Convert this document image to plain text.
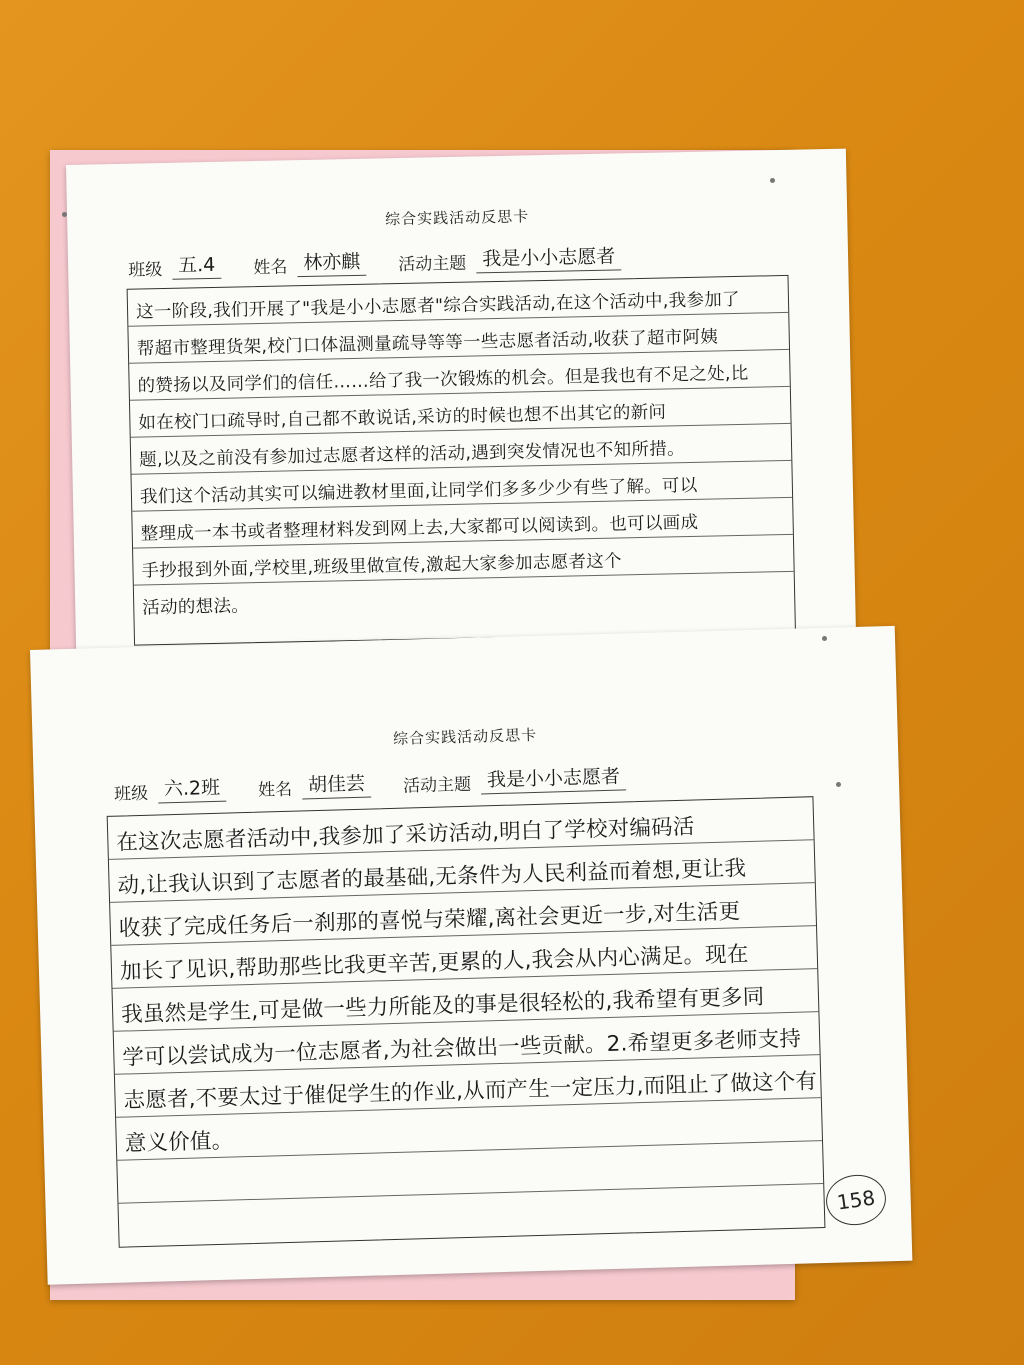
综合实践活动反思卡
班级 五.4	姓名 林亦麒	活动主题 我是小小志愿者
这一阶段,我们开展了"我是小小志愿者"综合实践活动,在这个活动中,我参加了
帮超市整理货架,校门口体温测量疏导等等一些志愿者活动,收获了超市阿姨
的赞扬以及同学们的信任……给了我一次锻炼的机会。但是我也有不足之处,比
如在校门口疏导时,自己都不敢说话,采访的时候也想不出其它的新问
题,以及之前没有参加过志愿者这样的活动,遇到突发情况也不知所措。
我们这个活动其实可以编进教材里面,让同学们多多少少有些了解。可以
整理成一本书或者整理材料发到网上去,大家都可以阅读到。也可以画成
手抄报到外面,学校里,班级里做宣传,激起大家参加志愿者这个
活动的想法。
综合实践活动反思卡
班级 六.2班	姓名 胡佳芸	活动主题 我是小小志愿者
在这次志愿者活动中,我参加了采访活动,明白了学校对编码活
动,让我认识到了志愿者的最基础,无条件为人民利益而着想,更让我
收获了完成任务后一刹那的喜悦与荣耀,离社会更近一步,对生活更
加长了见识,帮助那些比我更辛苦,更累的人,我会从内心满足。现在
我虽然是学生,可是做一些力所能及的事是很轻松的,我希望有更多同
学可以尝试成为一位志愿者,为社会做出一些贡献。2.希望更多老师支持
志愿者,不要太过于催促学生的作业,从而产生一定压力,而阻止了做这个有
意义价值。
158
